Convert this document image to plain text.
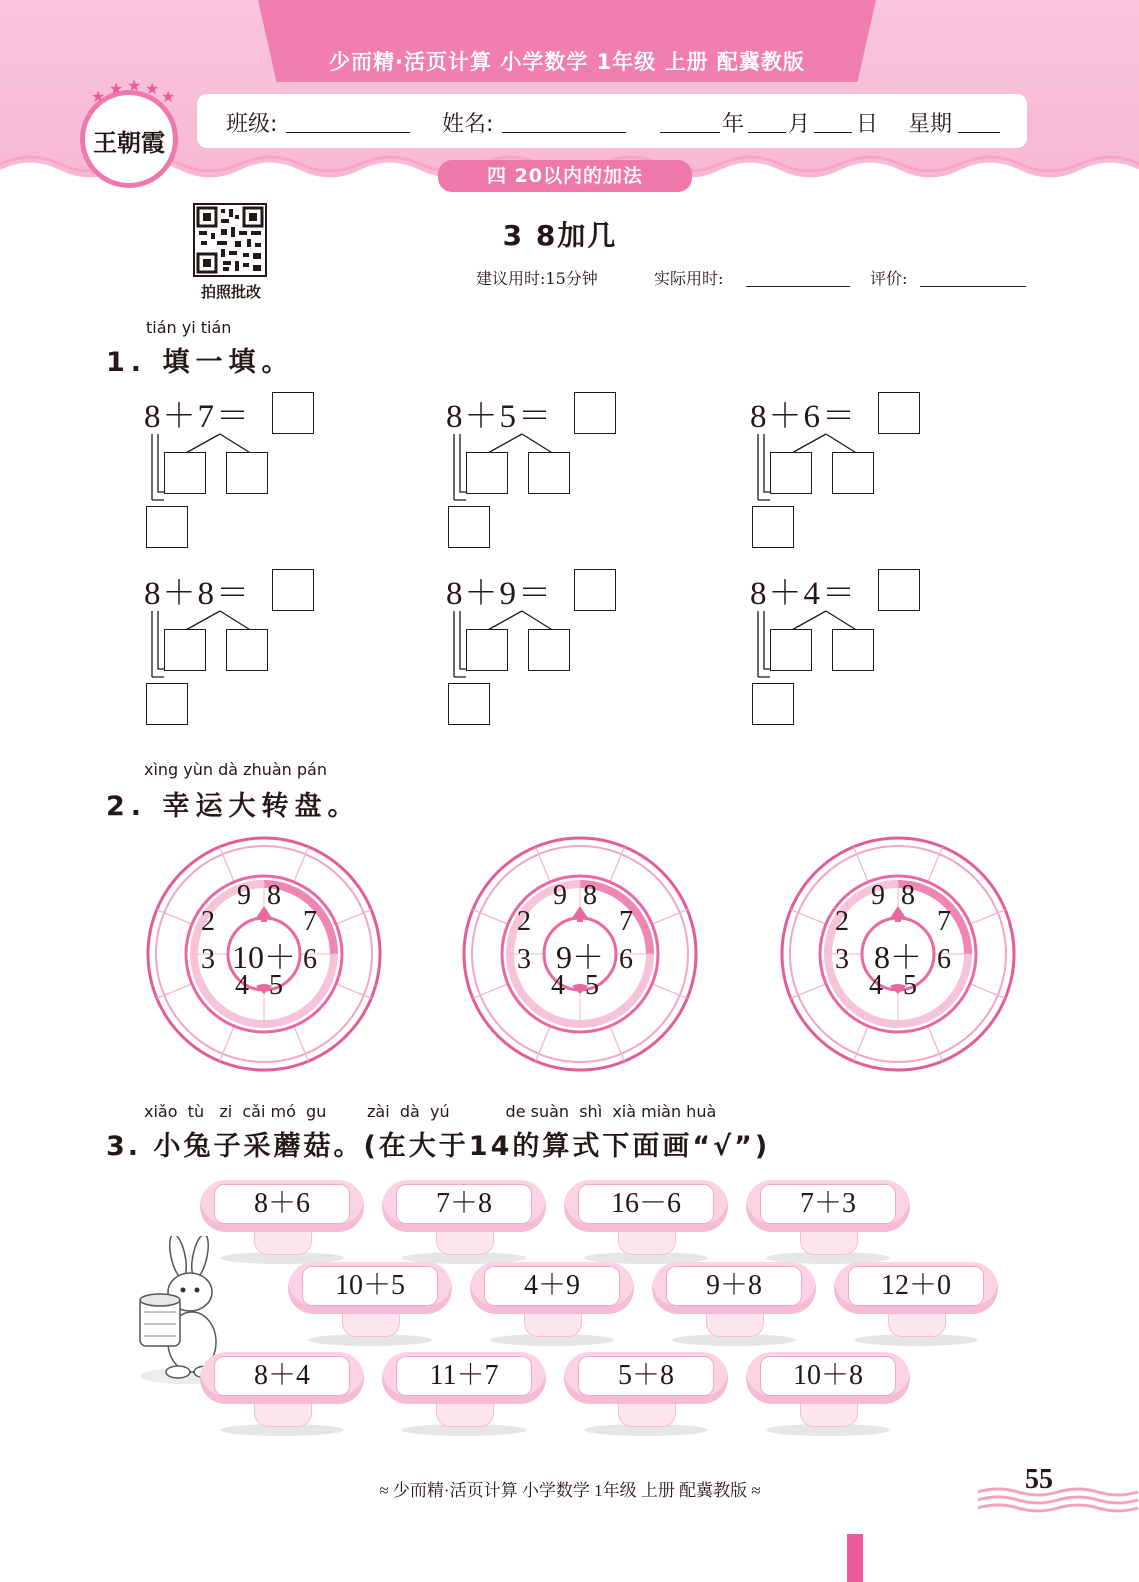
少而精·活页计算 小学数学 1年级 上册 配冀教版
班级:	姓名:	年 月 日 星期
四 20以内的加法
★ ★ ★ ★ ★
王朝霞
拍照批改
3 8加几
建议用时:15分钟	实际用时:	评价:
tián yi tián
1. 填一填。
8＋7＝	8＋5＝	8＋6＝
8＋8＝	8＋9＝	8＋4＝
xìng yùn dà zhuàn pán
2. 幸运大转盘。
9 8
7
6
5
4
3
2
10＋
9 8
7
6
5
4
3
2
9＋
9 8
7
6
5
4
3
2
8＋
xiǎo  tù   zi  cǎi mó  gu        zài  dà  yú           de suàn  shì  xià miàn huà
3. 小兔子采蘑菇。(在大于14的算式下面画“√”)
8＋6	7＋8	16－6	7＋3
10＋5	4＋9	9＋8	12＋0
8＋4	11＋7	5＋8	10＋8
≈ 少而精·活页计算 小学数学 1年级 上册 配冀教版 ≈	55
